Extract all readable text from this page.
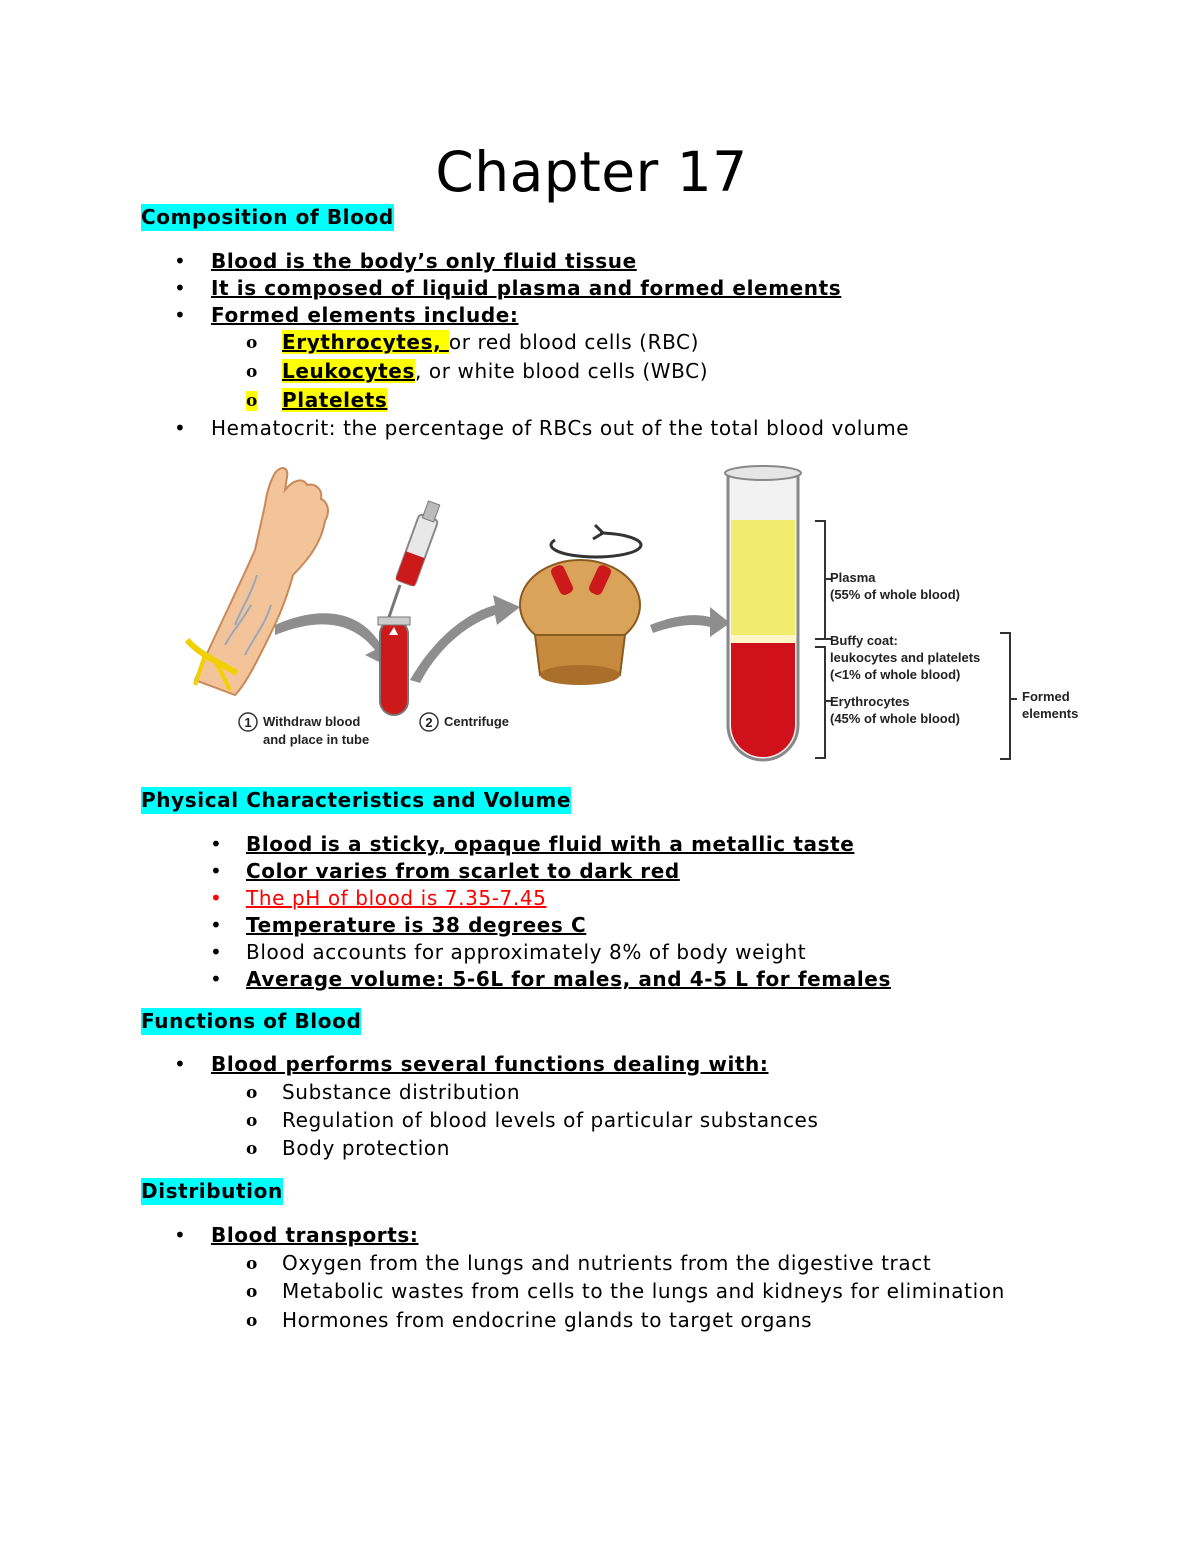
Chapter 17
Composition of Blood
• Blood is the body’s only fluid tissue
• It is composed of liquid plasma and formed elements
• Formed elements include:
o Erythrocytes, or red blood cells (RBC)
o Leukocytes, or white blood cells (WBC)
o Platelets
• Hematocrit: the percentage of RBCs out of the total blood volume
1 Withdraw blood
and place in tube
2 Centrifuge
Plasma
(55% of whole blood)
Buffy coat:
leukocytes and platelets
(<1% of whole blood)
Erythrocytes
(45% of whole blood)
Formed
elements
Physical Characteristics and Volume
• Blood is a sticky, opaque fluid with a metallic taste
• Color varies from scarlet to dark red
• The pH of blood is 7.35-7.45
• Temperature is 38 degrees C
• Blood accounts for approximately 8% of body weight
• Average volume: 5-6L for males, and 4-5 L for females
Functions of Blood
• Blood performs several functions dealing with:
o Substance distribution
o Regulation of blood levels of particular substances
o Body protection
Distribution
• Blood transports:
o Oxygen from the lungs and nutrients from the digestive tract
o Metabolic wastes from cells to the lungs and kidneys for elimination
o Hormones from endocrine glands to target organs
